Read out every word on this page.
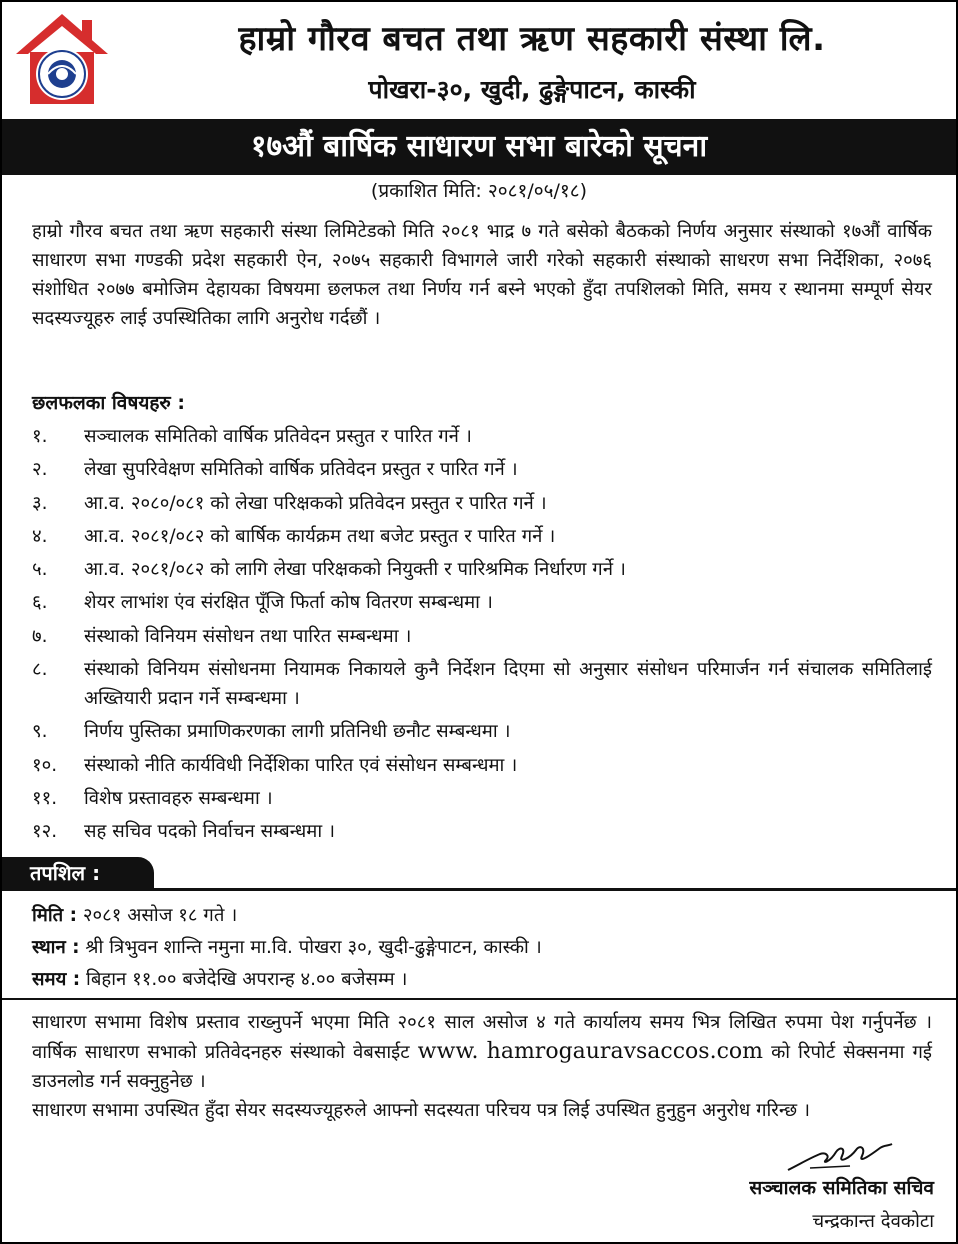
हाम्रो गौरव बचत तथा ऋण सहकारी संस्था लि.
पोखरा-३०, खुदी, ढुङ्गेपाटन, कास्की
१७औं बार्षिक साधारण सभा बारेको सूचना
(प्रकाशित मिति: २०८१/०५/१८)
हाम्रो गौरव बचत तथा ऋण सहकारी संस्था लिमिटेडको मिति २०८१ भाद्र ७ गते बसेको बैठकको निर्णय अनुसार संस्थाको १७औं वार्षिक साधारण सभा गण्डकी प्रदेश सहकारी ऐन, २०७५ सहकारी विभागले जारी गरेको सहकारी संस्थाको साधरण सभा निर्देशिका, २०७६ संशोधित २०७७ बमोजिम देहायका विषयमा छलफल तथा निर्णय गर्न बस्ने भएको हुँदा तपशिलको मिति, समय र स्थानमा सम्पूर्ण सेयर सदस्यज्यूहरु लाई उपस्थितिका लागि अनुरोध गर्दछौं ।
छलफलका विषयहरु :
१.	सञ्चालक समितिको वार्षिक प्रतिवेदन प्रस्तुत र पारित गर्ने ।
२.	लेखा सुपरिवेक्षण समितिको वार्षिक प्रतिवेदन प्रस्तुत र पारित गर्ने ।
३.	आ.व. २०८०/०८१ को लेखा परिक्षकको प्रतिवेदन प्रस्तुत र पारित गर्ने ।
४.	आ.व. २०८१/०८२ को बार्षिक कार्यक्रम तथा बजेट प्रस्तुत र पारित गर्ने ।
५.	आ.व. २०८१/०८२ को लागि लेखा परिक्षकको नियुक्ती र पारिश्रमिक निर्धारण गर्ने ।
६.	शेयर लाभांश एंव संरक्षित पूँजि फिर्ता कोष वितरण सम्बन्धमा ।
७.	संस्थाको विनियम संसोधन तथा पारित सम्बन्धमा ।
८.	संस्थाको विनियम संसोधनमा नियामक निकायले कुनै निर्देशन दिएमा सो अनुसार संसोधन परिमार्जन गर्न संचालक समितिलाई अख्तियारी प्रदान गर्ने सम्बन्धमा ।
९.	निर्णय पुस्तिका प्रमाणिकरणका लागी प्रतिनिधी छनौट सम्बन्धमा ।
१०.	संस्थाको नीति कार्यविधी निर्देशिका पारित एवं संसोधन सम्बन्धमा ।
११.	विशेष प्रस्तावहरु सम्बन्धमा ।
१२.	सह सचिव पदको निर्वाचन सम्बन्धमा ।
तपशिल :
मिति : २०८१ असोज १८ गते ।
स्थान : श्री त्रिभुवन शान्ति नमुना मा.वि. पोखरा ३०, खुदी-ढुङ्गेपाटन, कास्की ।
समय : बिहान ११.०० बजेदेखि अपरान्ह ४.०० बजेसम्म ।
साधारण सभामा विशेष प्रस्ताव राख्नुपर्ने भएमा मिति २०८१ साल असोज ४ गते कार्यालय समय भित्र लिखित रुपमा पेश गर्नुपर्नेछ । वार्षिक साधारण सभाको प्रतिवेदनहरु संस्थाको वेबसाईट www. hamrogauravsaccos.com को रिपोर्ट सेक्सनमा गई डाउनलोड गर्न सक्नुहुनेछ ।
साधारण सभामा उपस्थित हुँदा सेयर सदस्यज्यूहरुले आफ्नो सदस्यता परिचय पत्र लिई उपस्थित हुनुहुन अनुरोध गरिन्छ ।
सञ्चालक समितिका सचिव
चन्द्रकान्त देवकोटा
